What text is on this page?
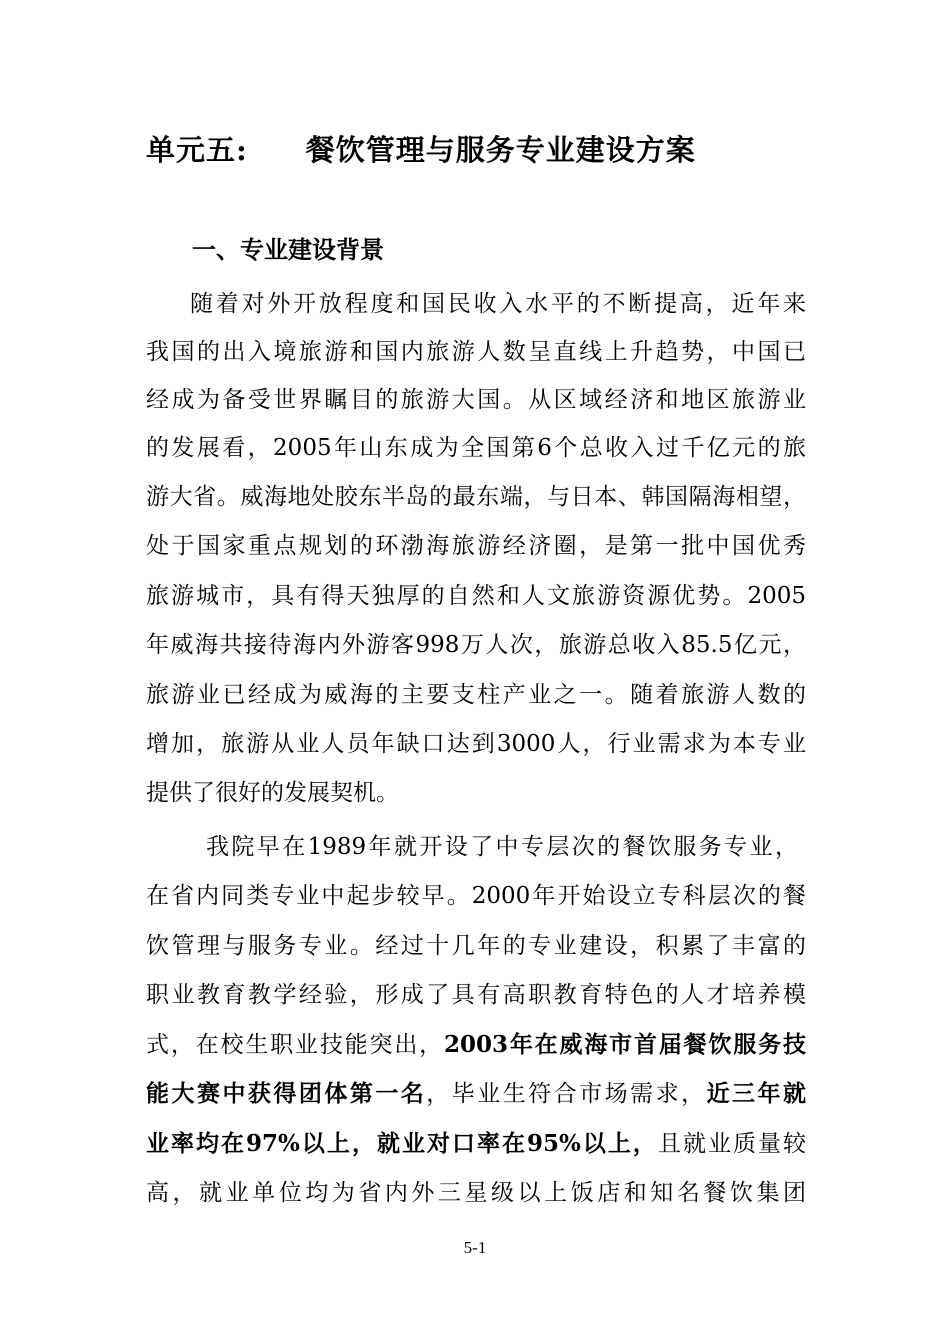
单元五: 餐饮管理与服务专业建设方案
一、专业建设背景

随着对外开放程度和国民收入水平的不断提高，近年来

我国的出入境旅游和国内旅游人数呈直线上升趋势，中国已

经成为备受世界瞩目的旅游大国。从区域经济和地区旅游业

的发展看，2005年山东成为全国第6个总收入过千亿元的旅

游大省。威海地处胶东半岛的最东端，与日本、韩国隔海相望，

处于国家重点规划的环渤海旅游经济圈，是第一批中国优秀

旅游城市，具有得天独厚的自然和人文旅游资源优势。2005

年威海共接待海内外游客998万人次，旅游总收入85.5亿元，

旅游业已经成为威海的主要支柱产业之一。随着旅游人数的

增加，旅游从业人员年缺口达到3000人，行业需求为本专业

提供了很好的发展契机。

我院早在1989年就开设了中专层次的餐饮服务专业，

在省内同类专业中起步较早。2000年开始设立专科层次的餐

饮管理与服务专业。经过十几年的专业建设，积累了丰富的

职业教育教学经验，形成了具有高职教育特色的人才培养模

式，在校生职业技能突出，2003年在威海市首届餐饮服务技

能大赛中获得团体第一名，毕业生符合市场需求，近三年就

业率均在97%以上，就业对口率在95%以上，且就业质量较

高，就业单位均为省内外三星级以上饭店和知名餐饮集团

5-1
